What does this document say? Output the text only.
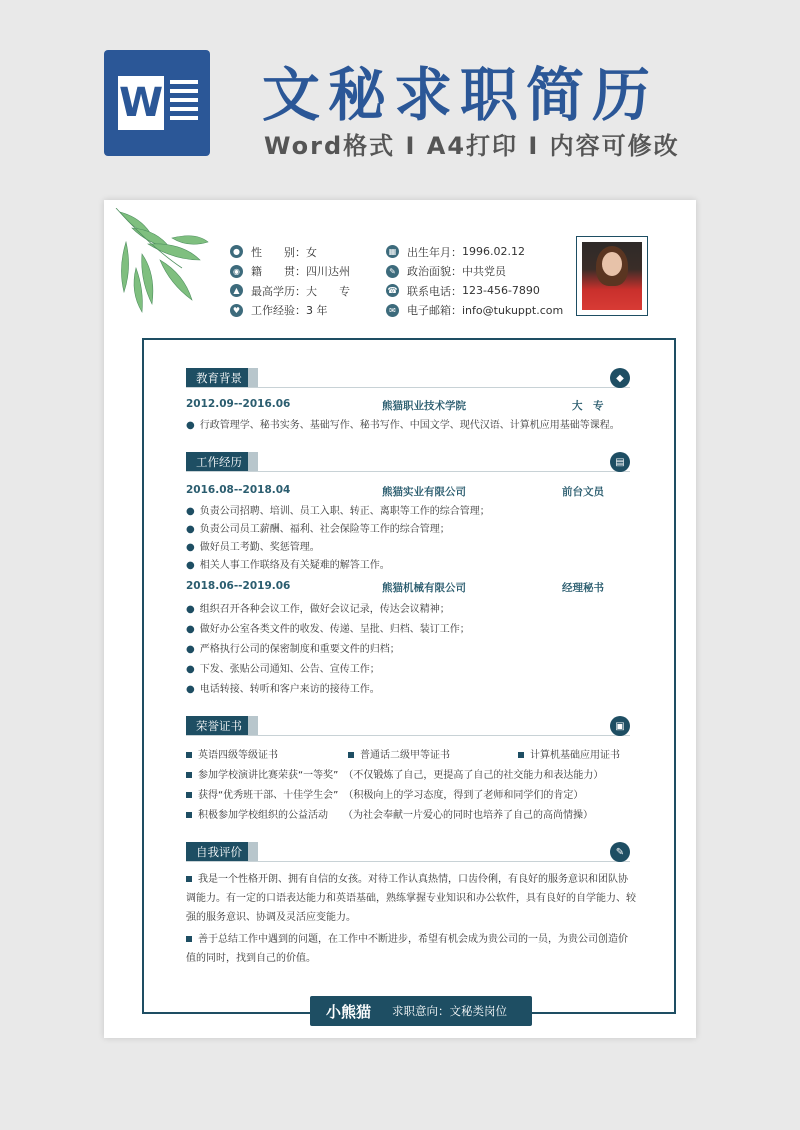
W 文秘求职简历
Word格式 I A4打印 I 内容可修改
● 性　　别： 女
◉ 籍　　贯： 四川达州
▲	最高学历： 大　　专
♥ 工作经验： 3 年
▦ 出生年月： 1996.02.12
✎ 政治面貌： 中共党员
☎ 联系电话： 123-456-7890
✉ 电子邮箱： info@tukuppt.com
教育背景	◆
2012.09--2016.06	熊猫职业技术学院	大　专
● 行政管理学、秘书实务、基础写作、秘书写作、中国文学、现代汉语、计算机应用基础等课程。
工作经历	▤
2016.08--2018.04	熊猫实业有限公司	前台文员
● 负责公司招聘、培训、员工入职、转正、离职等工作的综合管理；
● 负责公司员工薪酬、福利、社会保险等工作的综合管理；
● 做好员工考勤、奖惩管理。
● 相关人事工作联络及有关疑难的解答工作。
2018.06--2019.06	熊猫机械有限公司	经理秘书
● 组织召开各种会议工作，做好会议记录，传达会议精神；
● 做好办公室各类文件的收发、传递、呈批、归档、装订工作；
● 严格执行公司的保密制度和重要文件的归档；
● 下发、张贴公司通知、公告、宣传工作；
● 电话转接、转听和客户来访的接待工作。
荣誉证书	▣
英语四级等级证书	普通话二级甲等证书	计算机基础应用证书
参加学校演讲比赛荣获“一等奖”　（不仅锻炼了自己，更提高了自己的社交能力和表达能力）
获得“优秀班干部、十佳学生会”　（积极向上的学习态度，得到了老师和同学们的肯定）
积极参加学校组织的公益活动　　（为社会奉献一片爱心的同时也培养了自己的高尚情操）
自我评价	✎
我是一个性格开朗、拥有自信的女孩。对待工作认真热情，口齿伶俐，有良好的服务意识和团队协调能力。有一定的口语表达能力和英语基础，熟练掌握专业知识和办公软件，具有良好的自学能力、较强的服务意识、协调及灵活应变能力。
善于总结工作中遇到的问题，在工作中不断进步，希望有机会成为贵公司的一员，为贵公司创造价值的同时，找到自己的价值。
小熊猫	求职意向：文秘类岗位
